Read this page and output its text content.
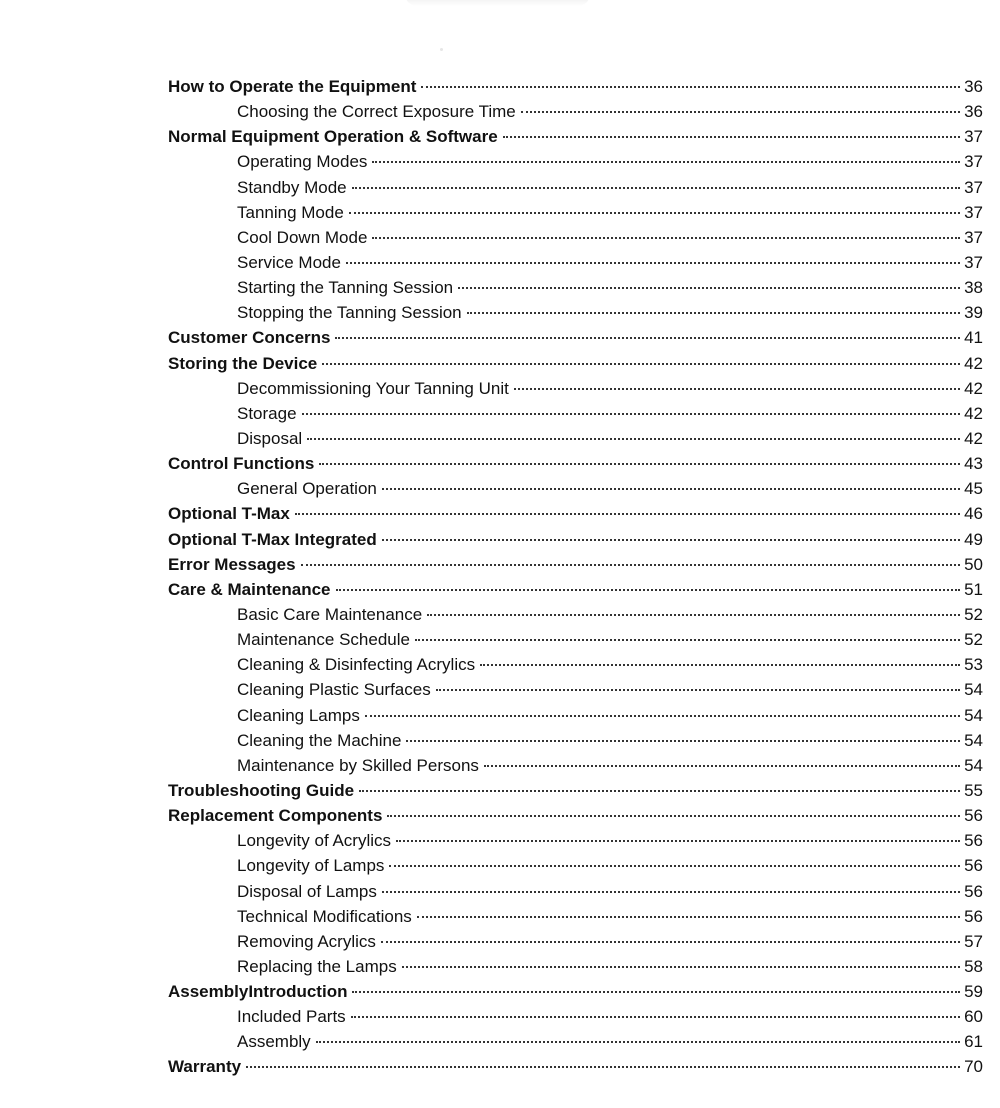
How to Operate the Equipment	36
Choosing the Correct Exposure Time	36
Normal Equipment Operation & Software	37
Operating Modes	37
Standby Mode	37
Tanning Mode	37
Cool Down Mode	37
Service Mode	37
Starting the Tanning Session	38
Stopping the Tanning Session	39
Customer Concerns	41
Storing the Device	42
Decommissioning Your Tanning Unit	42
Storage	42
Disposal	42
Control Functions	43
General Operation	45
Optional T-Max	46
Optional T-Max Integrated	49
Error Messages	50
Care & Maintenance	51
Basic Care Maintenance	52
Maintenance Schedule	52
Cleaning & Disinfecting Acrylics	53
Cleaning Plastic Surfaces	54
Cleaning Lamps	54
Cleaning the Machine	54
Maintenance by Skilled Persons	54
Troubleshooting Guide	55
Replacement Components	56
Longevity of Acrylics	56
Longevity of Lamps	56
Disposal of Lamps	56
Technical Modifications	56
Removing Acrylics	57
Replacing the Lamps	58
AssemblyIntroduction	59
Included Parts	60
Assembly	61
Warranty	70
